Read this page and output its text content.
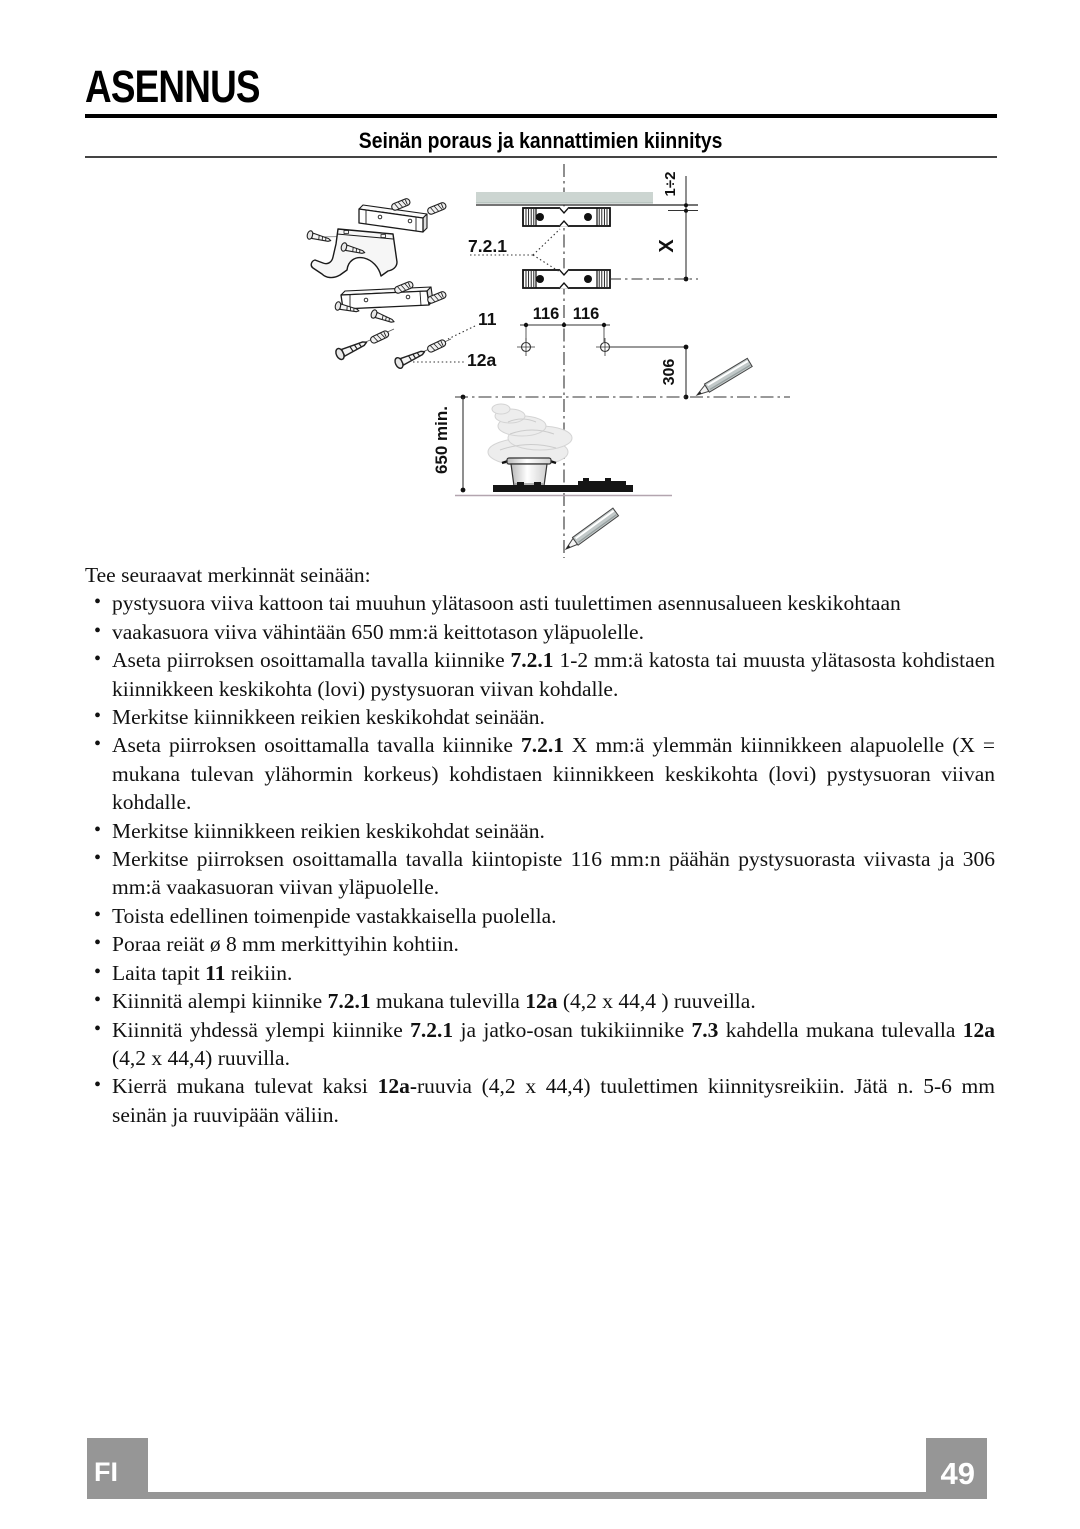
ASENNUS
Seinän poraus ja kannattimien kiinnitys
11
12a
7.2.1
1÷2
X
116 116
306
650 min.

Tee seuraavat merkinnät seinään:

• pystysuora viiva kattoon tai muuhun ylätasoon asti tuulettimen asennusalueen keskikohtaan
• vaakasuora viiva vähintään 650 mm:ä keittotason yläpuolelle.
• Aseta piirroksen osoittamalla tavalla kiinnike 7.2.1 1-2 mm:ä katosta tai muusta ylätasosta kohdistaen kiinnikkeen keskikohta (lovi) pystysuoran viivan kohdalle.
• Merkitse kiinnikkeen reikien keskikohdat seinään.
• Aseta piirroksen osoittamalla tavalla kiinnike 7.2.1 X mm:ä ylemmän kiinnikkeen alapuolelle (X = mukana tulevan ylähormin korkeus) kohdistaen kiinnikkeen keskikohta (lovi) pystysuoran viivan kohdalle.
• Merkitse kiinnikkeen reikien keskikohdat seinään.
• Merkitse piirroksen osoittamalla tavalla kiintopiste 116 mm:n päähän pystysuorasta viivasta ja 306 mm:ä vaakasuoran viivan yläpuolelle.
• Toista edellinen toimenpide vastakkaisella puolella.
• Poraa reiät ø 8 mm merkittyihin kohtiin.
• Laita tapit 11 reikiin.
• Kiinnitä alempi kiinnike 7.2.1 mukana tulevilla 12a (4,2 x 44,4 ) ruuveilla.
• Kiinnitä yhdessä ylempi kiinnike 7.2.1 ja jatko-osan tukikiinnike 7.3 kahdella mukana tulevalla 12a (4,2 x 44,4) ruuvilla.
• Kierrä mukana tulevat kaksi 12a-ruuvia (4,2 x 44,4) tuulettimen kiinnitysreikiin. Jätä n. 5-6 mm seinän ja ruuvipään väliin.
FI	49
